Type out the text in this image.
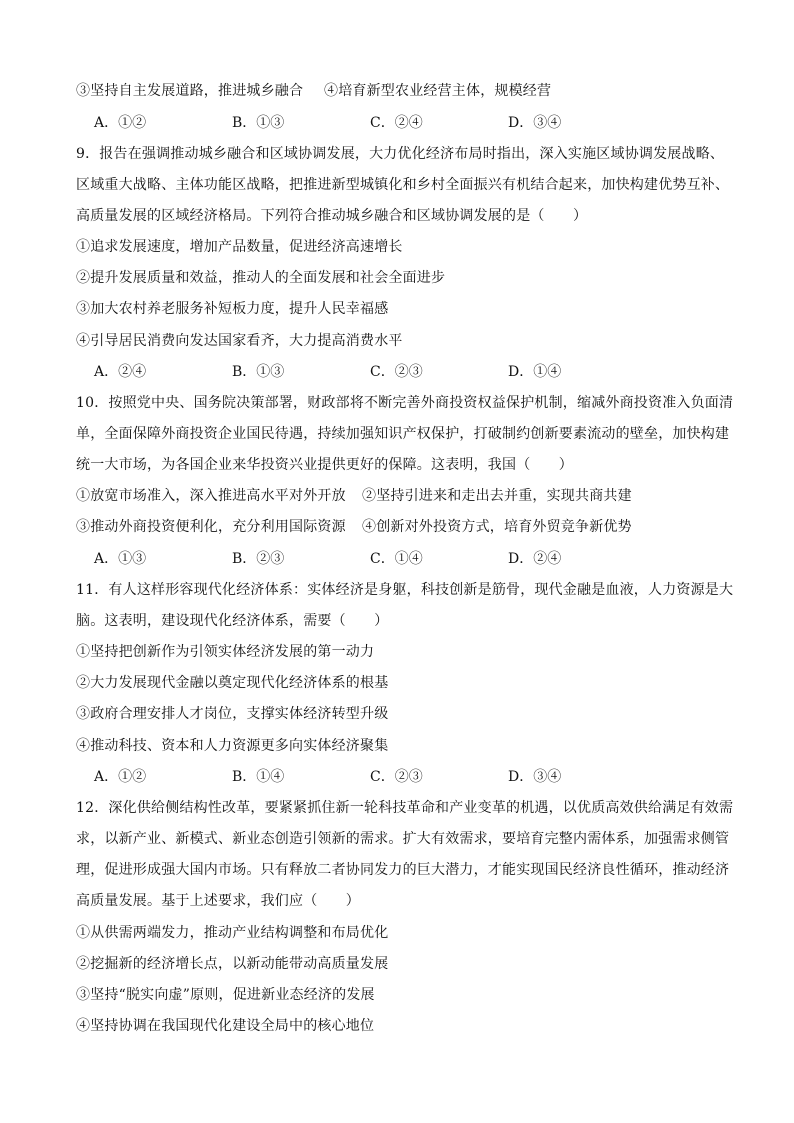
③坚持自主发展道路，推进城乡融合 ④培育新型农业经营主体，规模经营
A．①②	B．①③	C．②④	D．③④
9．报告在强调推动城乡融合和区域协调发展，大力优化经济布局时指出，深入实施区域协调发展战略、
区域重大战略、主体功能区战略，把推进新型城镇化和乡村全面振兴有机结合起来，加快构建优势互补、
高质量发展的区域经济格局。下列符合推动城乡融合和区域协调发展的是（　　）
①追求发展速度，增加产品数量，促进经济高速增长
②提升发展质量和效益，推动人的全面发展和社会全面进步
③加大农村养老服务补短板力度，提升人民幸福感
④引导居民消费向发达国家看齐，大力提高消费水平
A．②④	B．①③	C．②③	D．①④
10．按照党中央、国务院决策部署，财政部将不断完善外商投资权益保护机制，缩减外商投资准入负面清
单，全面保障外商投资企业国民待遇，持续加强知识产权保护，打破制约创新要素流动的壁垒，加快构建
统一大市场，为各国企业来华投资兴业提供更好的保障。这表明，我国（　　）
①放宽市场准入，深入推进高水平对外开放 ②坚持引进来和走出去并重，实现共商共建
③推动外商投资便利化，充分利用国际资源 ④创新对外投资方式，培育外贸竞争新优势
A．①③	B．②③	C．①④	D．②④
11．有人这样形容现代化经济体系：实体经济是身躯，科技创新是筋骨，现代金融是血液，人力资源是大
脑。这表明，建设现代化经济体系，需要（　　）
①坚持把创新作为引领实体经济发展的第一动力
②大力发展现代金融以奠定现代化经济体系的根基
③政府合理安排人才岗位，支撑实体经济转型升级
④推动科技、资本和人力资源更多向实体经济聚集
A．①②	B．①④	C．②③	D．③④
12．深化供给侧结构性改革，要紧紧抓住新一轮科技革命和产业变革的机遇，以优质高效供给满足有效需
求，以新产业、新模式、新业态创造引领新的需求。扩大有效需求，要培育完整内需体系，加强需求侧管
理，促进形成强大国内市场。只有释放二者协同发力的巨大潜力，才能实现国民经济良性循环，推动经济
高质量发展。基于上述要求，我们应（　　）
①从供需两端发力，推动产业结构调整和布局优化
②挖掘新的经济增长点，以新动能带动高质量发展
③坚持“脱实向虚”原则，促进新业态经济的发展
④坚持协调在我国现代化建设全局中的核心地位
